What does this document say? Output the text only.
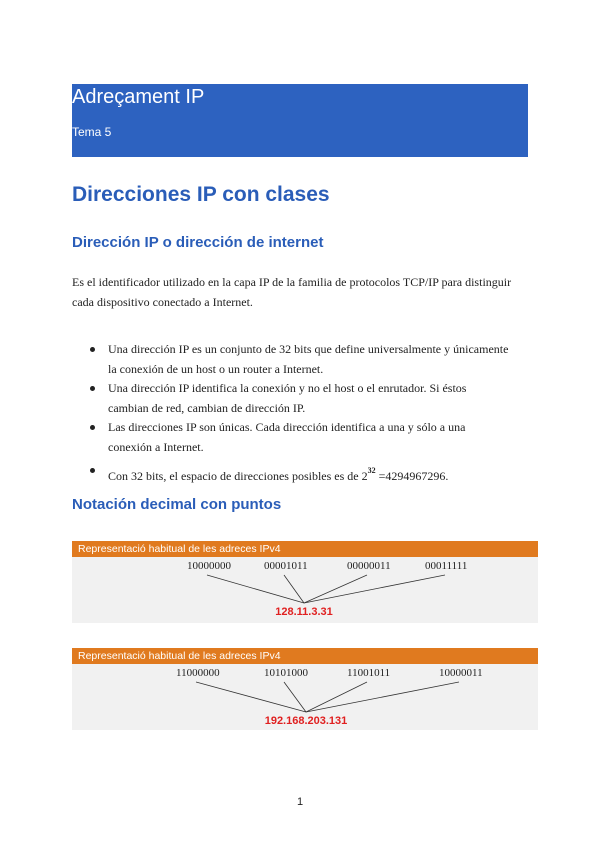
Adreçament IP
Tema 5
Direcciones IP con clases
Dirección IP o dirección de internet

Es el identificador utilizado en la capa IP de la familia de protocolos TCP/IP para distinguir cada dispositivo conectado a Internet.

Una dirección IP es un conjunto de 32 bits que define universalmente y únicamente la conexión de un host o un router a Internet.
Una dirección IP identifica la conexión y no el host o el enrutador. Si éstos cambian de red, cambian de dirección IP.
Las direcciones IP son únicas. Cada dirección identifica a una y sólo a una conexión a Internet.
Con 32 bits, el espacio de direcciones posibles es de $2^{32} =4294967296$.
Notación decimal con puntos
Representació habitual de les adreces IPv4
10000000	00001011	00000011	00011111
128.11.3.31
Representació habitual de les adreces IPv4
11000000	10101000	11001011	10000011
192.168.203.131
1
